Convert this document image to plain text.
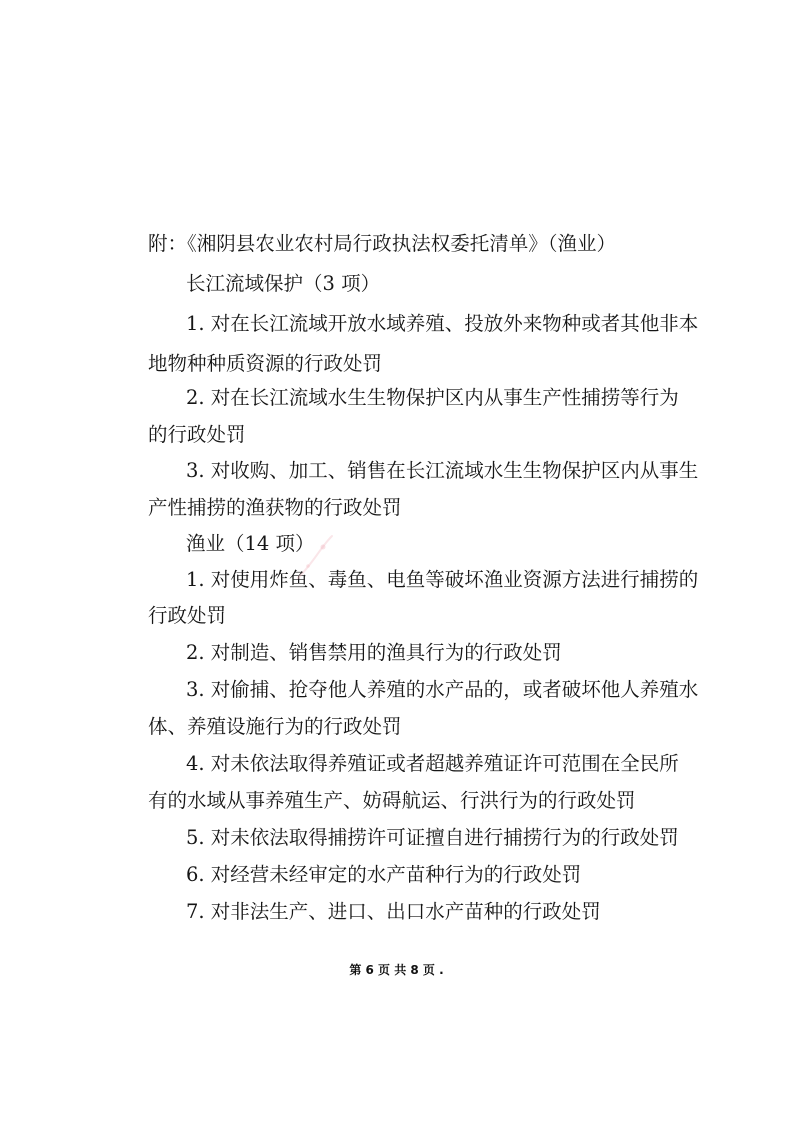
附：《湘阴县农业农村局行政执法权委托清单》（渔业）
长江流域保护（3 项）
1. 对在长江流域开放水域养殖、投放外来物种或者其他非本
地物种种质资源的行政处罚
2. 对在长江流域水生生物保护区内从事生产性捕捞等行为
的行政处罚
3. 对收购、加工、销售在长江流域水生生物保护区内从事生
产性捕捞的渔获物的行政处罚
渔业（14 项）
1. 对使用炸鱼、毒鱼、电鱼等破坏渔业资源方法进行捕捞的
行政处罚
2. 对制造、销售禁用的渔具行为的行政处罚
3. 对偷捕、抢夺他人养殖的水产品的，或者破坏他人养殖水
体、养殖设施行为的行政处罚
4. 对未依法取得养殖证或者超越养殖证许可范围在全民所
有的水域从事养殖生产、妨碍航运、行洪行为的行政处罚
5. 对未依法取得捕捞许可证擅自进行捕捞行为的行政处罚
6. 对经营未经审定的水产苗种行为的行政处罚
7. 对非法生产、进口、出口水产苗种的行政处罚
第 6 页 共 8 页 .
